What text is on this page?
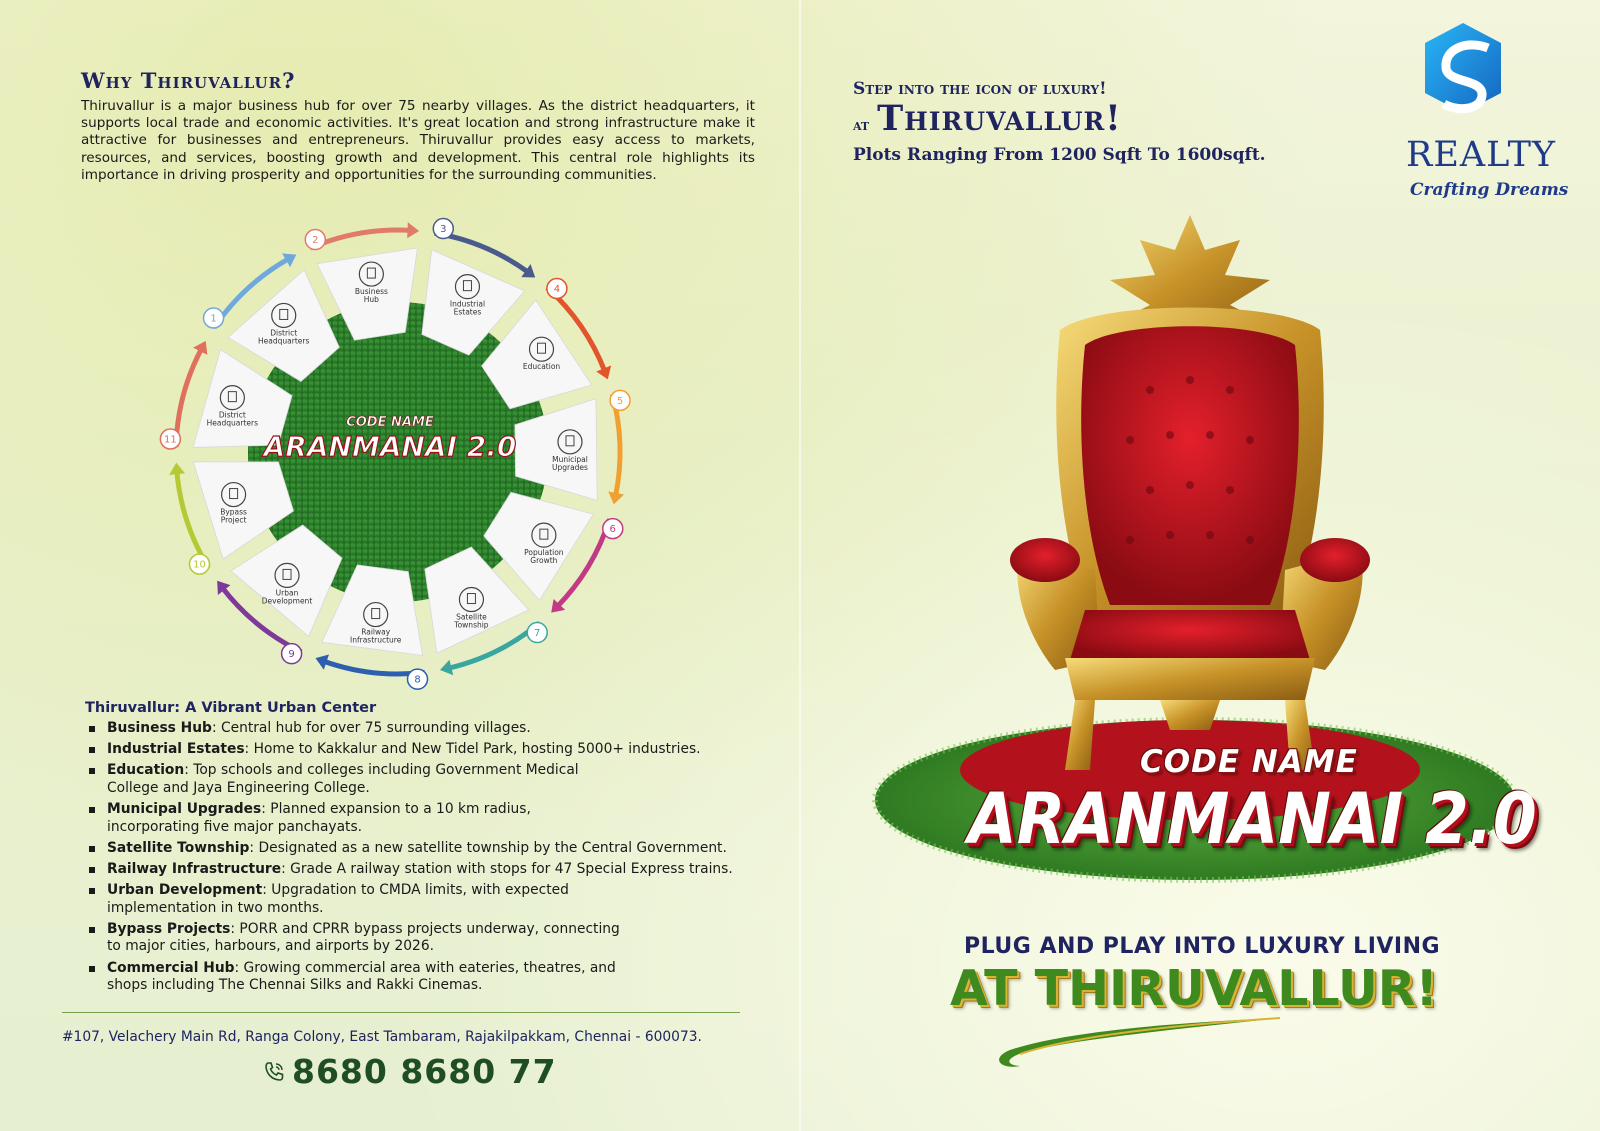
Why Thiruvallur?
Thiruvallur is a major business hub for over 75 nearby villages. As the district headquarters, it supports local trade and economic activities. It's great location and strong infrastructure make it attractive for businesses and entrepreneurs. Thiruvallur provides easy access to markets, resources, and services, boosting growth and development. This central role highlights its importance in driving prosperity and opportunities for the surrounding communities.
1
2
3
4
5
6
7
8
9
10
11
District
Headquarters
Business
Hub
Industrial
Estates
Education
Municipal
Upgrades
Population
Growth
Satellite
Township
Railway
Infrastructure
Urban
Development
Bypass
Project
District
Headquarters	CODE NAME
ARANMANAI 2.0
Thiruvallur: A Vibrant Urban Center
Business Hub: Central hub for over 75 surrounding villages.
Industrial Estates: Home to Kakkalur and New Tidel Park, hosting 5000+ industries.
Education: Top schools and colleges including Government Medical College and Jaya Engineering College.
Municipal Upgrades: Planned expansion to a 10 km radius, incorporating five major panchayats.
Satellite Township: Designated as a new satellite township by the Central Government.
Railway Infrastructure: Grade A railway station with stops for 47 Special Express trains.
Urban Development: Upgradation to CMDA limits, with expected implementation in two months.
Bypass Projects: PORR and CPRR bypass projects underway, connecting to major cities, harbours, and airports by 2026.
Commercial Hub: Growing commercial area with eateries, theatres, and shops including The Chennai Silks and Rakki Cinemas.
#107, Velachery Main Rd, Ranga Colony, East Tambaram, Rajakilpakkam, Chennai - 600073.
8680 8680 77
Step into the icon of luxury!
at Thiruvallur!
Plots Ranging From 1200 Sqft To 1600sqft.	REALTY
Crafting Dreams
CODE NAME
ARANMANAI 2.0
PLUG AND PLAY INTO LUXURY LIVING
AT THIRUVALLUR!
